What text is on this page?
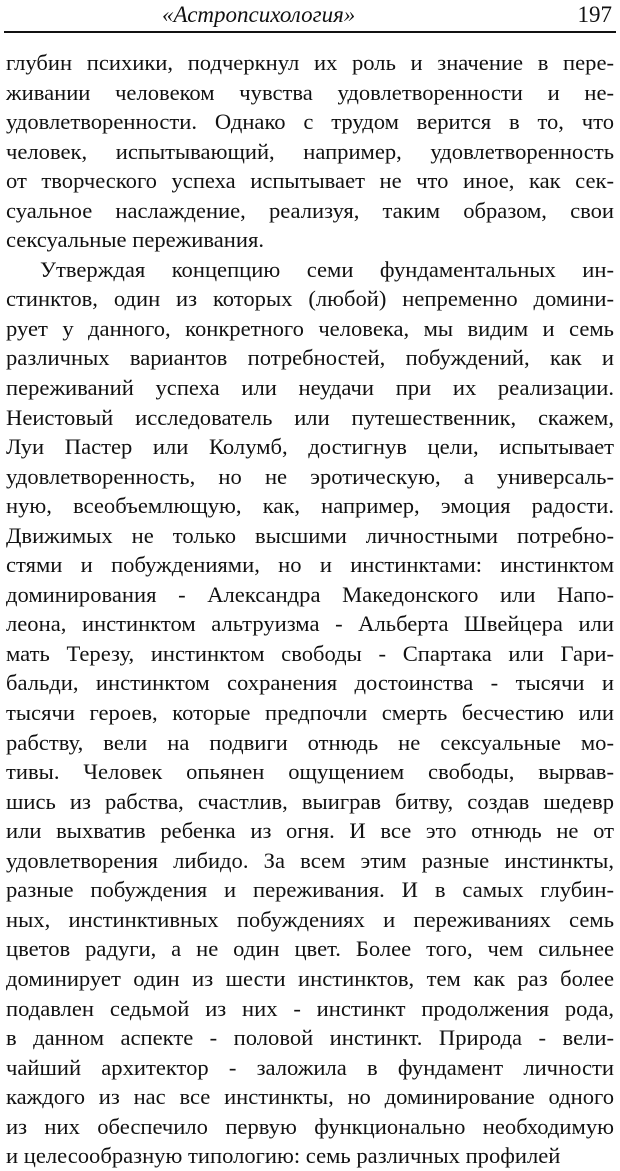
«Астропсихология»	197
глубин психики, подчеркнул их роль и значение в пере-
живании человеком чувства удовлетворенности и не-
удовлетворенности. Однако с трудом верится в то, что
человек, испытывающий, например, удовлетворенность
от творческого успеха испытывает не что иное, как сек-
суальное наслаждение, реализуя, таким образом, свои
сексуальные переживания.
Утверждая концепцию семи фундаментальных ин-
стинктов, один из которых (любой) непременно домини-
рует у данного, конкретного человека, мы видим и семь
различных вариантов потребностей, побуждений, как и
переживаний успеха или неудачи при их реализации.
Неистовый исследователь или путешественник, скажем,
Луи Пастер или Колумб, достигнув цели, испытывает
удовлетворенность, но не эротическую, а универсаль-
ную, всеобъемлющую, как, например, эмоция радости.
Движимых не только высшими личностными потребно-
стями и побуждениями, но и инстинктами: инстинктом
доминирования - Александра Македонского или Напо-
леона, инстинктом альтруизма - Альберта Швейцера или
мать Терезу, инстинктом свободы - Спартака или Гари-
бальди, инстинктом сохранения достоинства - тысячи и
тысячи героев, которые предпочли смерть бесчестию или
рабству, вели на подвиги отнюдь не сексуальные мо-
тивы. Человек опьянен ощущением свободы, вырвав-
шись из рабства, счастлив, выиграв битву, создав шедевр
или выхватив ребенка из огня. И все это отнюдь не от
удовлетворения либидо. За всем этим разные инстинкты,
разные побуждения и переживания. И в самых глубин-
ных, инстинктивных побуждениях и переживаниях семь
цветов радуги, а не один цвет. Более того, чем сильнее
доминирует один из шести инстинктов, тем как раз более
подавлен седьмой из них - инстинкт продолжения рода,
в данном аспекте - половой инстинкт. Природа - вели-
чайший архитектор - заложила в фундамент личности
каждого из нас все инстинкты, но доминирование одного
из них обеспечило первую функционально необходимую
и целесообразную типологию: семь различных профилей
